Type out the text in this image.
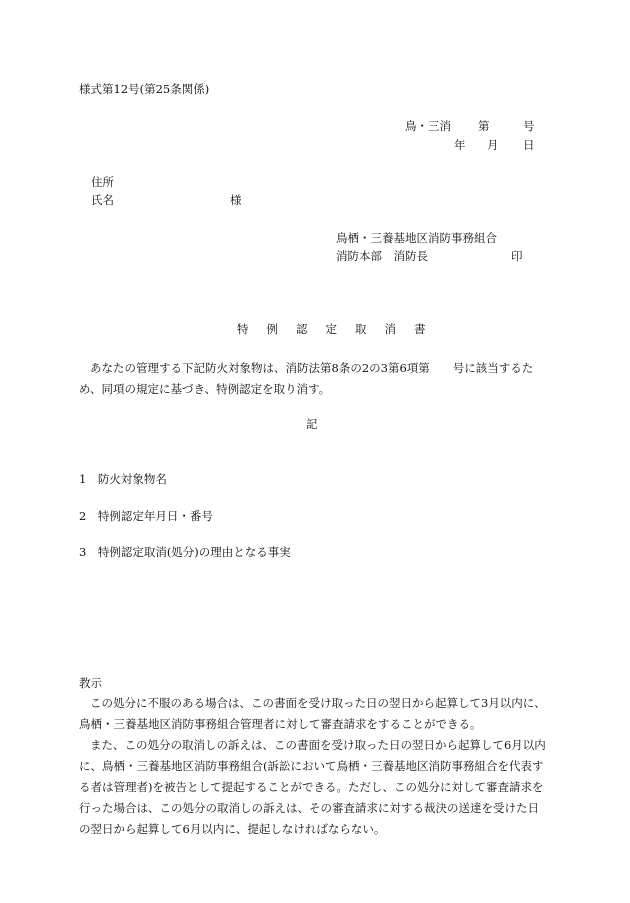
様式第12号(第25条関係)
鳥・三消 第	号
年 月 日
住所
氏名	様
鳥栖・三養基地区消防事務組合
消防本部　消防長	印
特例認定取消書
あなたの管理する下記防火対象物は、消防法第8条の2の3第6項第　　号に該当するため、同項の規定に基づき、特例認定を取り消す。
記
1　防火対象物名
2　特例認定年月日・番号
3　特例認定取消(処分)の理由となる事実
教示
この処分に不服のある場合は、この書面を受け取った日の翌日から起算して3月以内に、鳥栖・三養基地区消防事務組合管理者に対して審査請求をすることができる。
また、この処分の取消しの訴えは、この書面を受け取った日の翌日から起算して6月以内に、鳥栖・三養基地区消防事務組合(訴訟において鳥栖・三養基地区消防事務組合を代表する者は管理者)を被告として提起することができる。ただし、この処分に対して審査請求を行った場合は、この処分の取消しの訴えは、その審査請求に対する裁決の送達を受けた日の翌日から起算して6月以内に、提起しなければならない。
